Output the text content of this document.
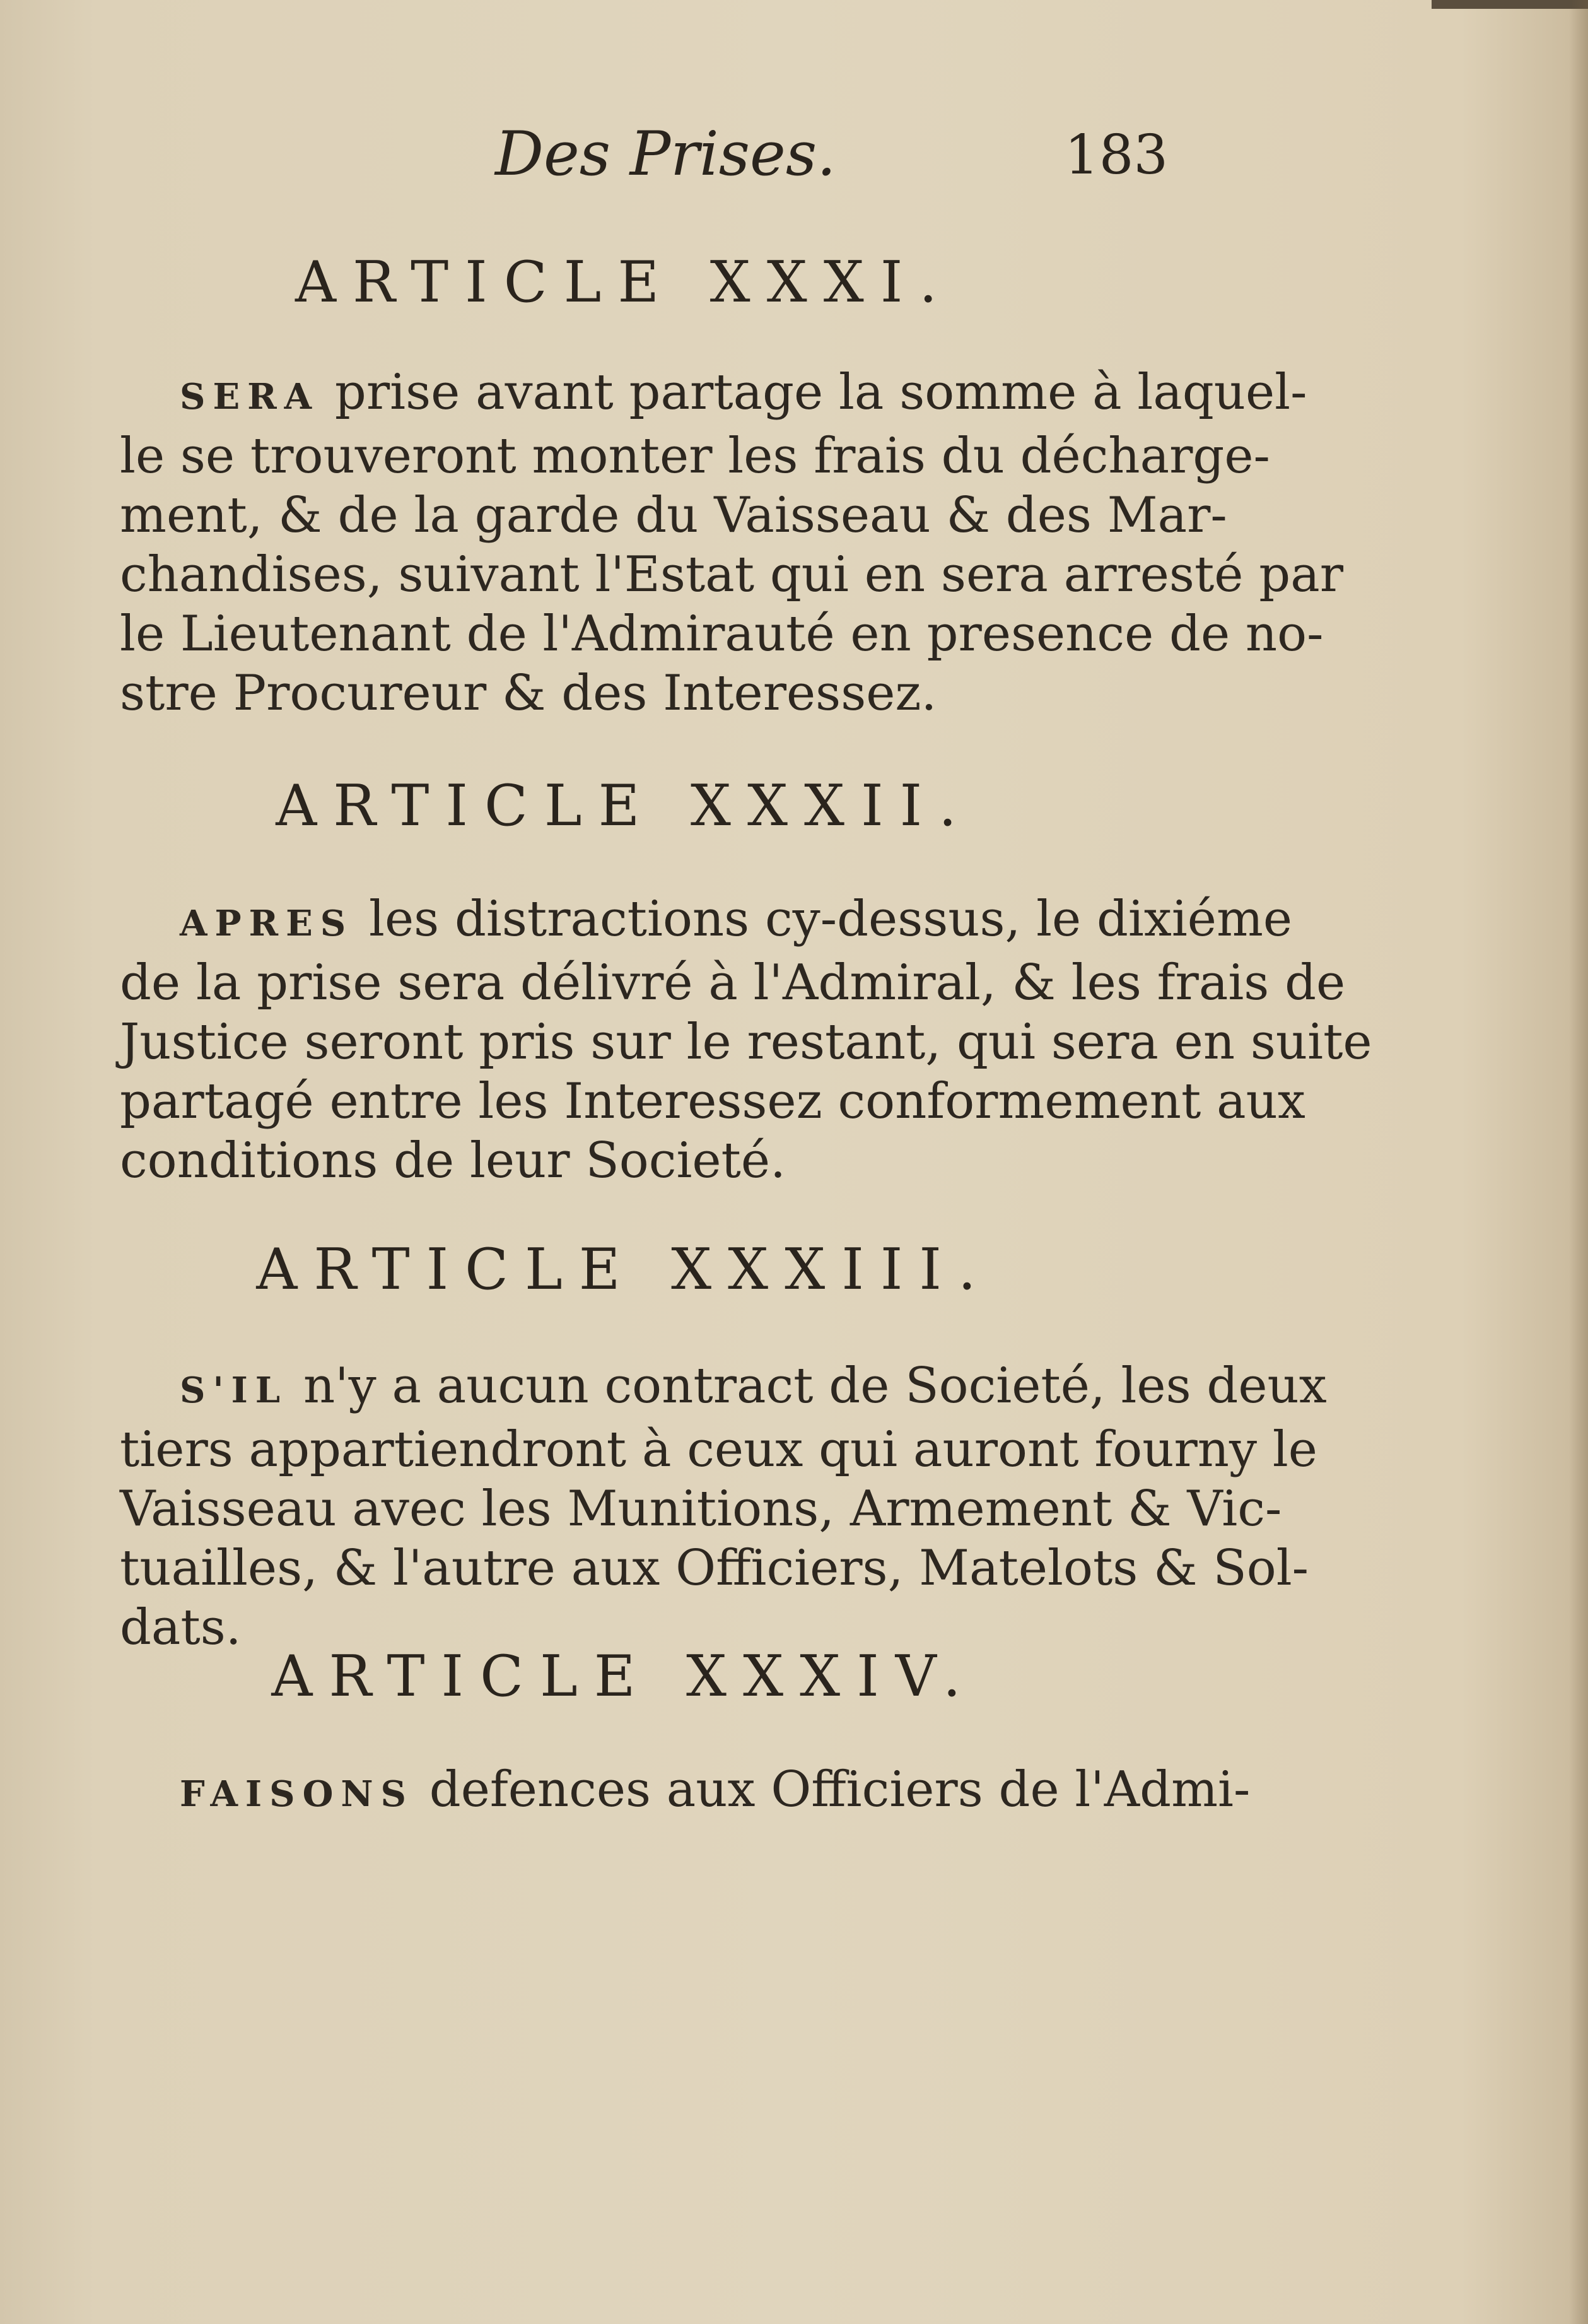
Des Prises.	183
ARTICLE XXXI.
SERA prise avant partage la somme à laquel-
le se trouveront monter les frais du décharge-
ment, & de la garde du Vaisseau & des Mar-
chandises, suivant l'Estat qui en sera arresté par
le Lieutenant de l'Admirauté en presence de no-
stre Procureur & des Interessez.
ARTICLE XXXII.
APRES les distractions cy-dessus, le dixiéme
de la prise sera délivré à l'Admiral, & les frais de
Justice seront pris sur le restant, qui sera en suite
partagé entre les Interessez conformement aux
conditions de leur Societé.
ARTICLE XXXIII.
S'IL n'y a aucun contract de Societé, les deux
tiers appartiendront à ceux qui auront fourny le
Vaisseau avec les Munitions, Armement & Vic-
tuailles, & l'autre aux Officiers, Matelots & Sol-
dats.
ARTICLE XXXIV.
FAISONS defences aux Officiers de l'Admi-
